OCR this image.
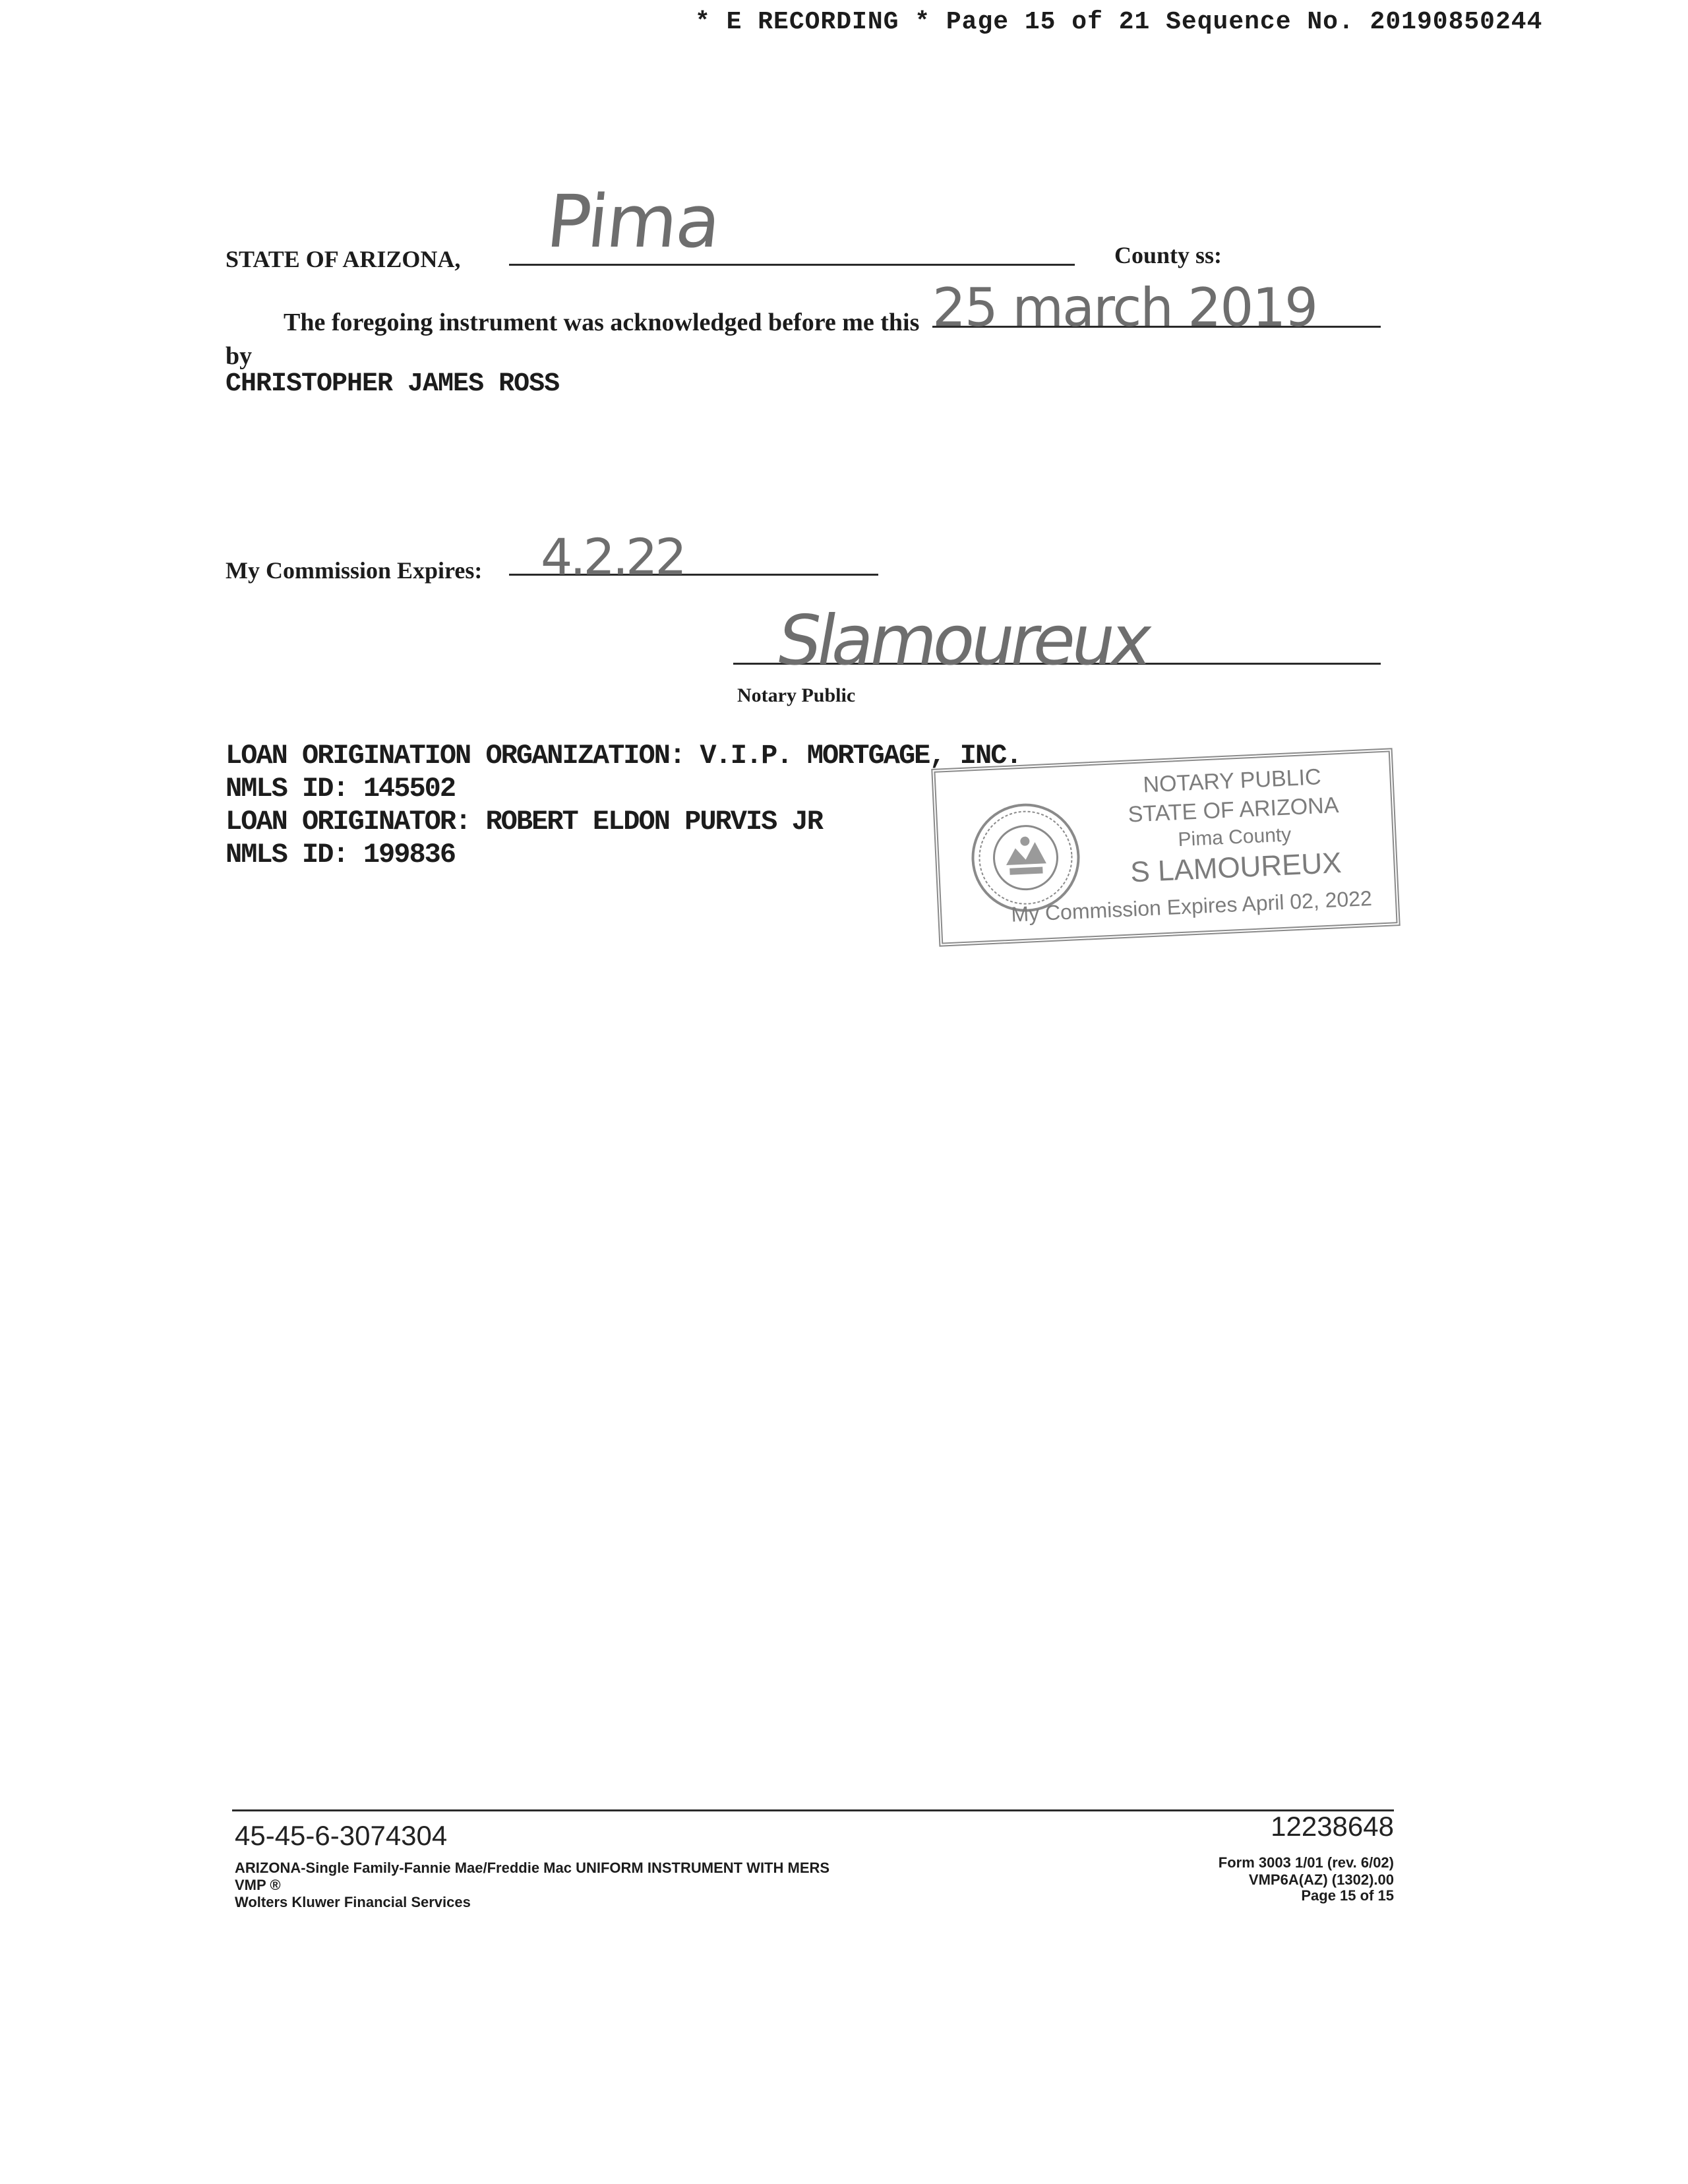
* E RECORDING * Page 15 of 21 Sequence No. 20190850244
STATE OF ARIZONA, Pima	County ss:
The foregoing instrument was acknowledged before me this 25 march 2019
by
CHRISTOPHER JAMES ROSS
My Commission Expires: 4.2.22
Slamoureux
Notary Public
LOAN ORIGINATION ORGANIZATION: V.I.P. MORTGAGE, INC.
NMLS ID: 145502
LOAN ORIGINATOR: ROBERT ELDON PURVIS JR
NMLS ID: 199836
NOTARY PUBLIC
STATE OF ARIZONA
Pima County
S LAMOUREUX
My Commission Expires April 02, 2022
45-45-6-3074304	12238648
ARIZONA-Single Family-Fannie Mae/Freddie Mac UNIFORM INSTRUMENT WITH MERS
VMP ®
Wolters Kluwer Financial Services
Form 3003 1/01 (rev. 6/02)
VMP6A(AZ) (1302).00
Page 15 of 15
